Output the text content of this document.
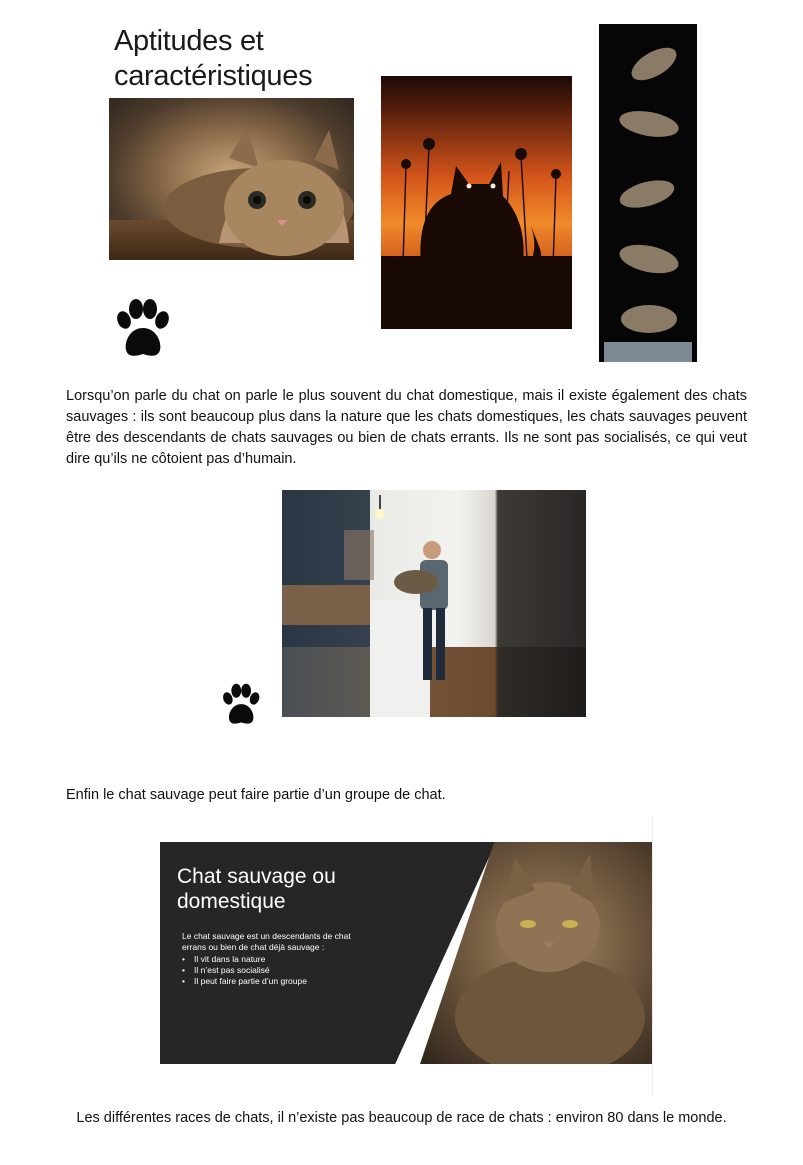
Aptitudes et
caractéristiques
Lorsqu’on parle du chat on parle le plus souvent du chat domestique, mais il existe également des chats sauvages : ils sont beaucoup plus dans la nature que les chats domestiques, les chats sauvages peuvent être des descendants de chats sauvages ou bien de chats errants. Ils ne sont pas socialisés, ce qui veut dire qu’ils ne côtoient pas d’humain.
Enfin le chat sauvage peut faire partie d’un groupe de chat.
Chat sauvage ou
domestique
Le chat sauvage est un descendants de chat
errans ou bien de chat déjà sauvage :
• Il vit dans la nature
• Il n’est pas socialisé
• Il peut faire partie d’un groupe
Les différentes races de chats, il n’existe pas beaucoup de race de chats : environ 80 dans le monde.
